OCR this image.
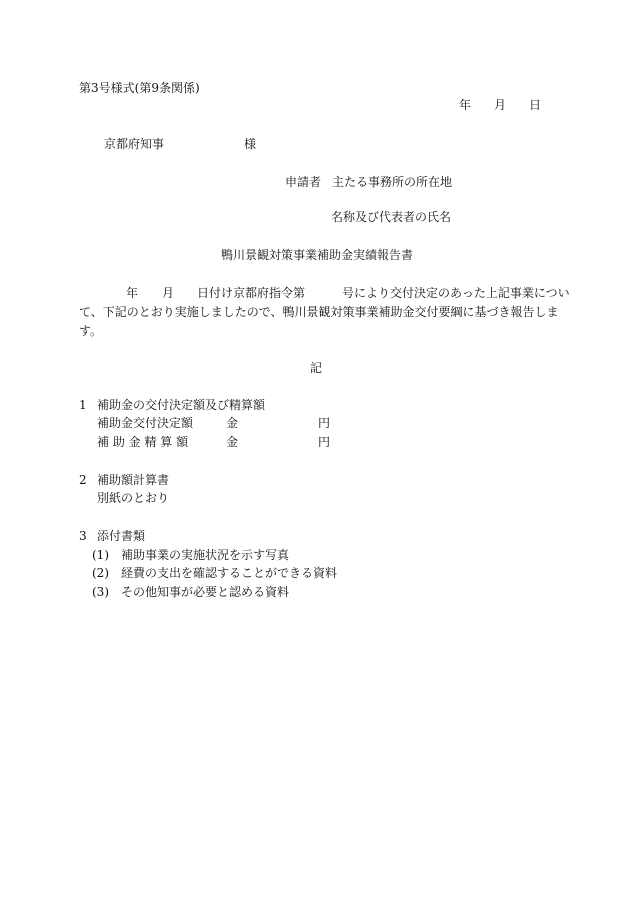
第3号様式(第9条関係)
年 月 日
京都府知事	様
申請者 主たる事務所の所在地
名称及び代表者の氏名
鴨川景観対策事業補助金実績報告書
年 月 日付け京都府指令第	号により交付決定のあった上記事業につい
て、下記のとおり実施しましたので、鴨川景観対策事業補助金交付要綱に基づき報告しま
す。
記
1 補助金の交付決定額及び精算額
補助金交付決定額	金	円
補 助 金 精 算 額	金	円
2 補助額計算書
別紙のとおり
3 添付書類
(1) 補助事業の実施状況を示す写真
(2) 経費の支出を確認することができる資料
(3) その他知事が必要と認める資料
